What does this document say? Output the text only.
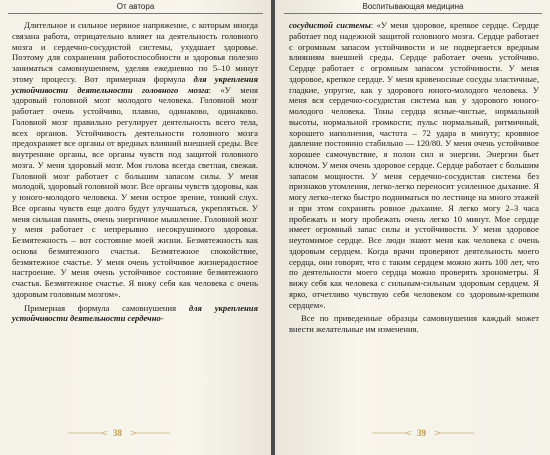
От автора

Длительное и сильное нервное напряжение, с которым иногда связана работа, отрицательно влияет на деятельность головного мозга и сердечно-сосудистой системы, ухудшает здоровье. Поэтому для сохранения работоспособности и здоровья полезно заниматься самовнушением, уделяя ежедневно по 5–10 минут этому процессу. Вот примерная формула для укрепления устойчивости деятельности головного мозга: «У меня здоровый головной мозг молодого человека. Головной мозг работает очень устойчиво, плавно, одинаково, одинаково. Головной мозг правильно регулирует деятельность всего тела, всех органов. Устойчивость деятельности головного мозга предохраняет все органы от вредных влияний внешней среды. Все внутренние органы, все органы чувств под защитой головного мозга. У меня здоровый мозг. Моя голова всегда светлая, свежая. Головной мозг работает с большим запасом силы. У меня молодой, здоровый головной мозг. Все органы чувств здоровы, как у юного-молодого человека. У меня острое зрение, тонкий слух. Все органы чувств еще долго будут улучшаться, укрепляться. У меня сильная память, очень энергичное мышление. Головной мозг у меня работает с непрерывно несокрушимого здоровья. Безмятежность – вот состояние моей жизни. Безмятежность как основа безмятежного счастья. Безмятежное спокойствие, безмятежное счастье. У меня очень устойчивое жизнерадостное настроение. У меня очень устойчивое состояние безмятежного счастья. Безмятежное счастье. Я вижу себя как человека с очень здоровым головным мозгом».

Примерная формула самовнушения для укрепления устойчивости деятельности сердечно-

38
Воспитывающая медицина

сосудистой системы: «У меня здоровое, крепкое сердце. Сердце работает под надежной защитой головного мозга. Сердце работает с огромным запасом устойчивости и не подвергается вредным влияниям внешней среды. Сердце работает очень устойчиво. Сердце работает с огромным запасом устойчивости. У меня здоровое, крепкое сердце. У меня кровеносные сосуды эластичные, гладкие, упругие, как у здорового юного-молодого человека. У меня вся сердечно-сосудистая система как у здорового юного-молодого человека. Тоны сердца ясные-чистые, нормальной высоты, нормальной громкости; пульс нормальный, ритмичный, хорошего наполнения, частота – 72 удара в минуту; кровяное давление постоянно стабильно — 120/80. У меня очень устойчивое хорошее самочувствие, я полон сил и энергии. Энергии бьет ключом. У меня очень здоровое сердце. Сердце работает с большим запасом мощности. У меня сердечно-сосудистая система без признаков утомления, легко-легко переносит усиленное дыхание. Я могу легко-легко быстро подниматься по лестнице на много этажей и при этом сохранять ровное дыхание. Я легко могу 2–3 часа пробежать и могу пробежать очень легко 10 минут. Мое сердце имеет огромный запас силы и устойчивости. У меня здоровое неутомимое сердце. Все люди знают меня как человека с очень здоровым сердцем. Когда врачи проверяют деятельность моего сердца, они говорят, что с таким сердцем можно жить 100 лет, что по деятельности моего сердца можно проверять хронометры. Я вижу себя как человека с сильным-сильным здоровым сердцем. Я ярко, отчетливо чувствую себя человеком со здоровым-крепким сердцем».

Все по приведенные образцы самовнушения каждый может внести желательные им изменения.

39
